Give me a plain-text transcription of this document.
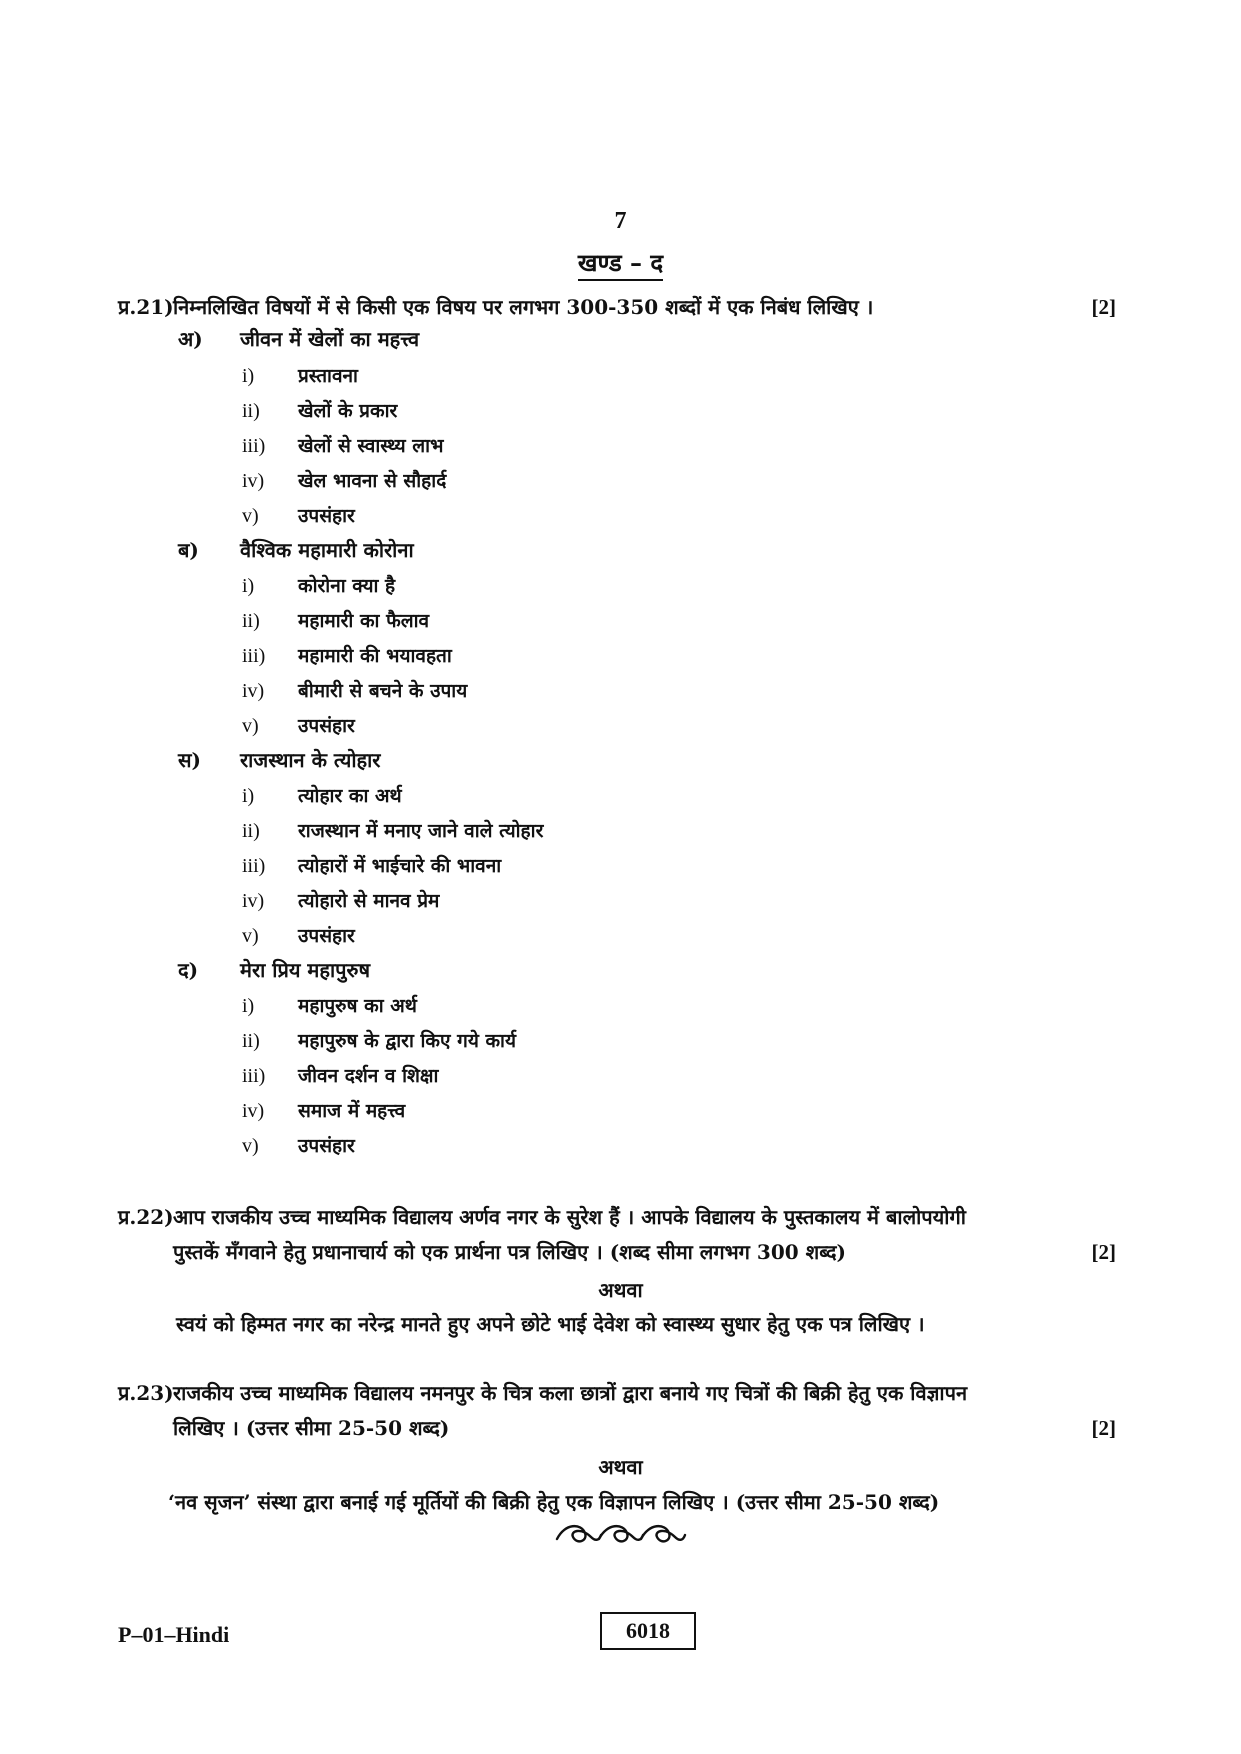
7
खण्ड – द
प्र.21) निम्नलिखित विषयों में से किसी एक विषय पर लगभग 300-350 शब्दों में एक निबंध लिखिए ।	[2]
अ) जीवन में खेलों का महत्त्व
i) प्रस्तावना
ii) खेलों के प्रकार
iii) खेलों से स्वास्थ्य लाभ
iv) खेल भावना से सौहार्द
v) उपसंहार
ब) वैश्विक महामारी कोरोना
i) कोरोना क्या है
ii) महामारी का फैलाव
iii) महामारी की भयावहता
iv) बीमारी से बचने के उपाय
v) उपसंहार
स) राजस्थान के त्योहार
i) त्योहार का अर्थ
ii) राजस्थान में मनाए जाने वाले त्योहार
iii) त्योहारों में भाईचारे की भावना
iv) त्योहारो से मानव प्रेम
v) उपसंहार
द) मेरा प्रिय महापुरुष
i) महापुरुष का अर्थ
ii) महापुरुष के द्वारा किए गये कार्य
iii) जीवन दर्शन व शिक्षा
iv) समाज में महत्त्व
v) उपसंहार
प्र.22) आप राजकीय उच्च माध्यमिक विद्यालय अर्णव नगर के सुरेश हैं । आपके विद्यालय के पुस्तकालय में बालोपयोगी
पुस्तकें मँगवाने हेतु प्रधानाचार्य को एक प्रार्थना पत्र लिखिए । (शब्द सीमा लगभग 300 शब्द)	[2]
अथवा
स्वयं को हिम्मत नगर का नरेन्द्र मानते हुए अपने छोटे भाई देवेश को स्वास्थ्य सुधार हेतु एक पत्र लिखिए ।
प्र.23) राजकीय उच्च माध्यमिक विद्यालय नमनपुर के चित्र कला छात्रों द्वारा बनाये गए चित्रों की बिक्री हेतु एक विज्ञापन
लिखिए । (उत्तर सीमा 25-50 शब्द)	[2]
अथवा
‘नव सृजन’ संस्था द्वारा बनाई गई मूर्तियों की बिक्री हेतु एक विज्ञापन लिखिए । (उत्तर सीमा 25-50 शब्द)
P–01–Hindi	6018
